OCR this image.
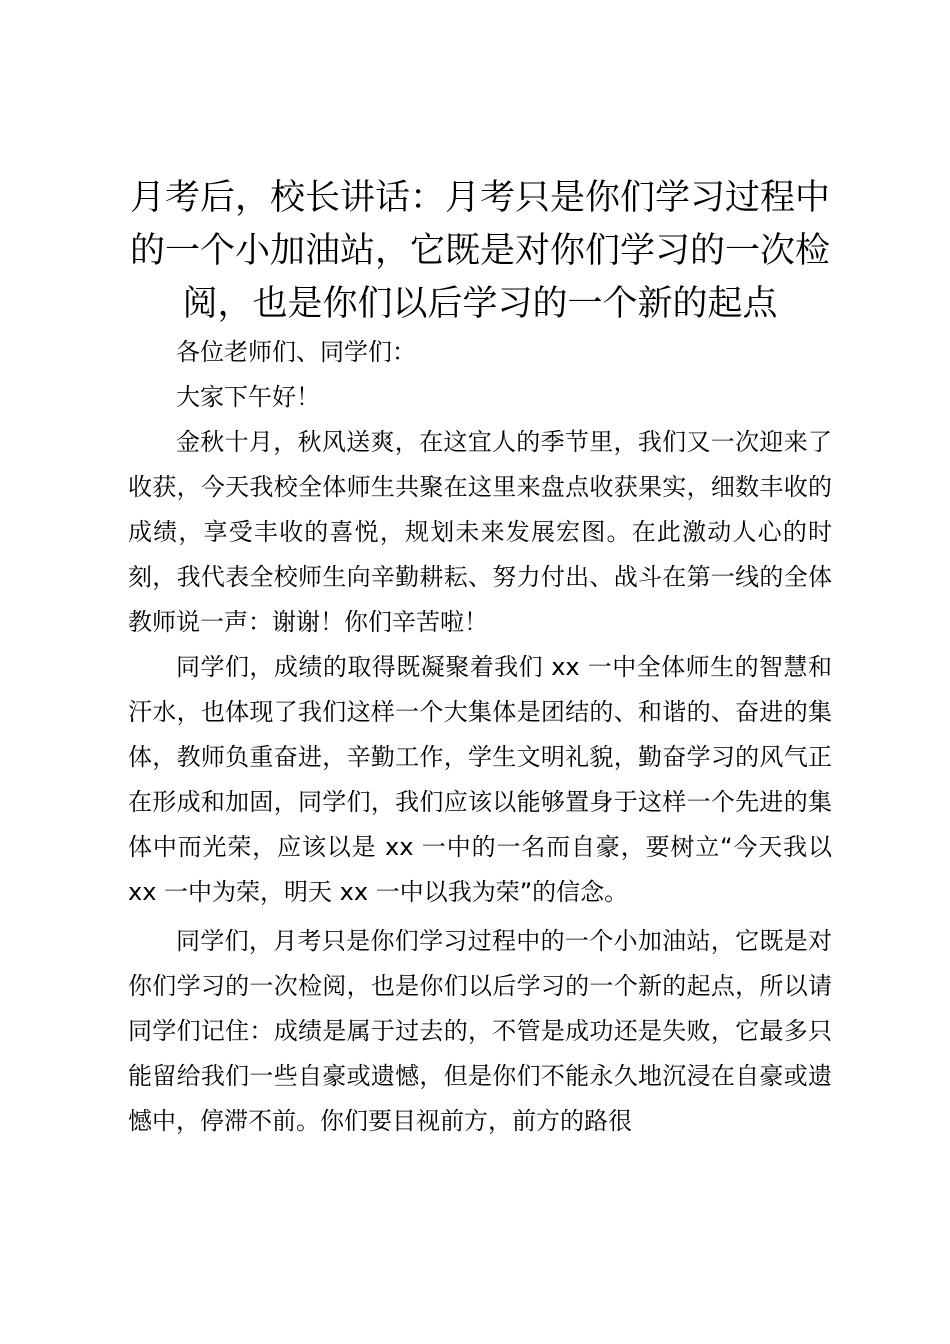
月考后，校长讲话：月考只是你们学习过程中的一个小加油站，它既是对你们学习的一次检阅，也是你们以后学习的一个新的起点

各位老师们、同学们：

大家下午好！

金秋十月，秋风送爽，在这宜人的季节里，我们又一次迎来了收获，今天我校全体师生共聚在这里来盘点收获果实，细数丰收的成绩，享受丰收的喜悦，规划未来发展宏图。在此激动人心的时刻，我代表全校师生向辛勤耕耘、努力付出、战斗在第一线的全体教师说一声：谢谢！你们辛苦啦！

同学们，成绩的取得既凝聚着我们 xx 一中全体师生的智慧和汗水，也体现了我们这样一个大集体是团结的、和谐的、奋进的集体，教师负重奋进，辛勤工作，学生文明礼貌，勤奋学习的风气正在形成和加固，同学们，我们应该以能够置身于这样一个先进的集体中而光荣，应该以是 xx 一中的一名而自豪，要树立“今天我以 xx 一中为荣，明天 xx 一中以我为荣”的信念。

同学们，月考只是你们学习过程中的一个小加油站，它既是对你们学习的一次检阅，也是你们以后学习的一个新的起点，所以请同学们记住：成绩是属于过去的，不管是成功还是失败，它最多只能留给我们一些自豪或遗憾，但是你们不能永久地沉浸在自豪或遗憾中，停滞不前。你们要目视前方，前方的路很
